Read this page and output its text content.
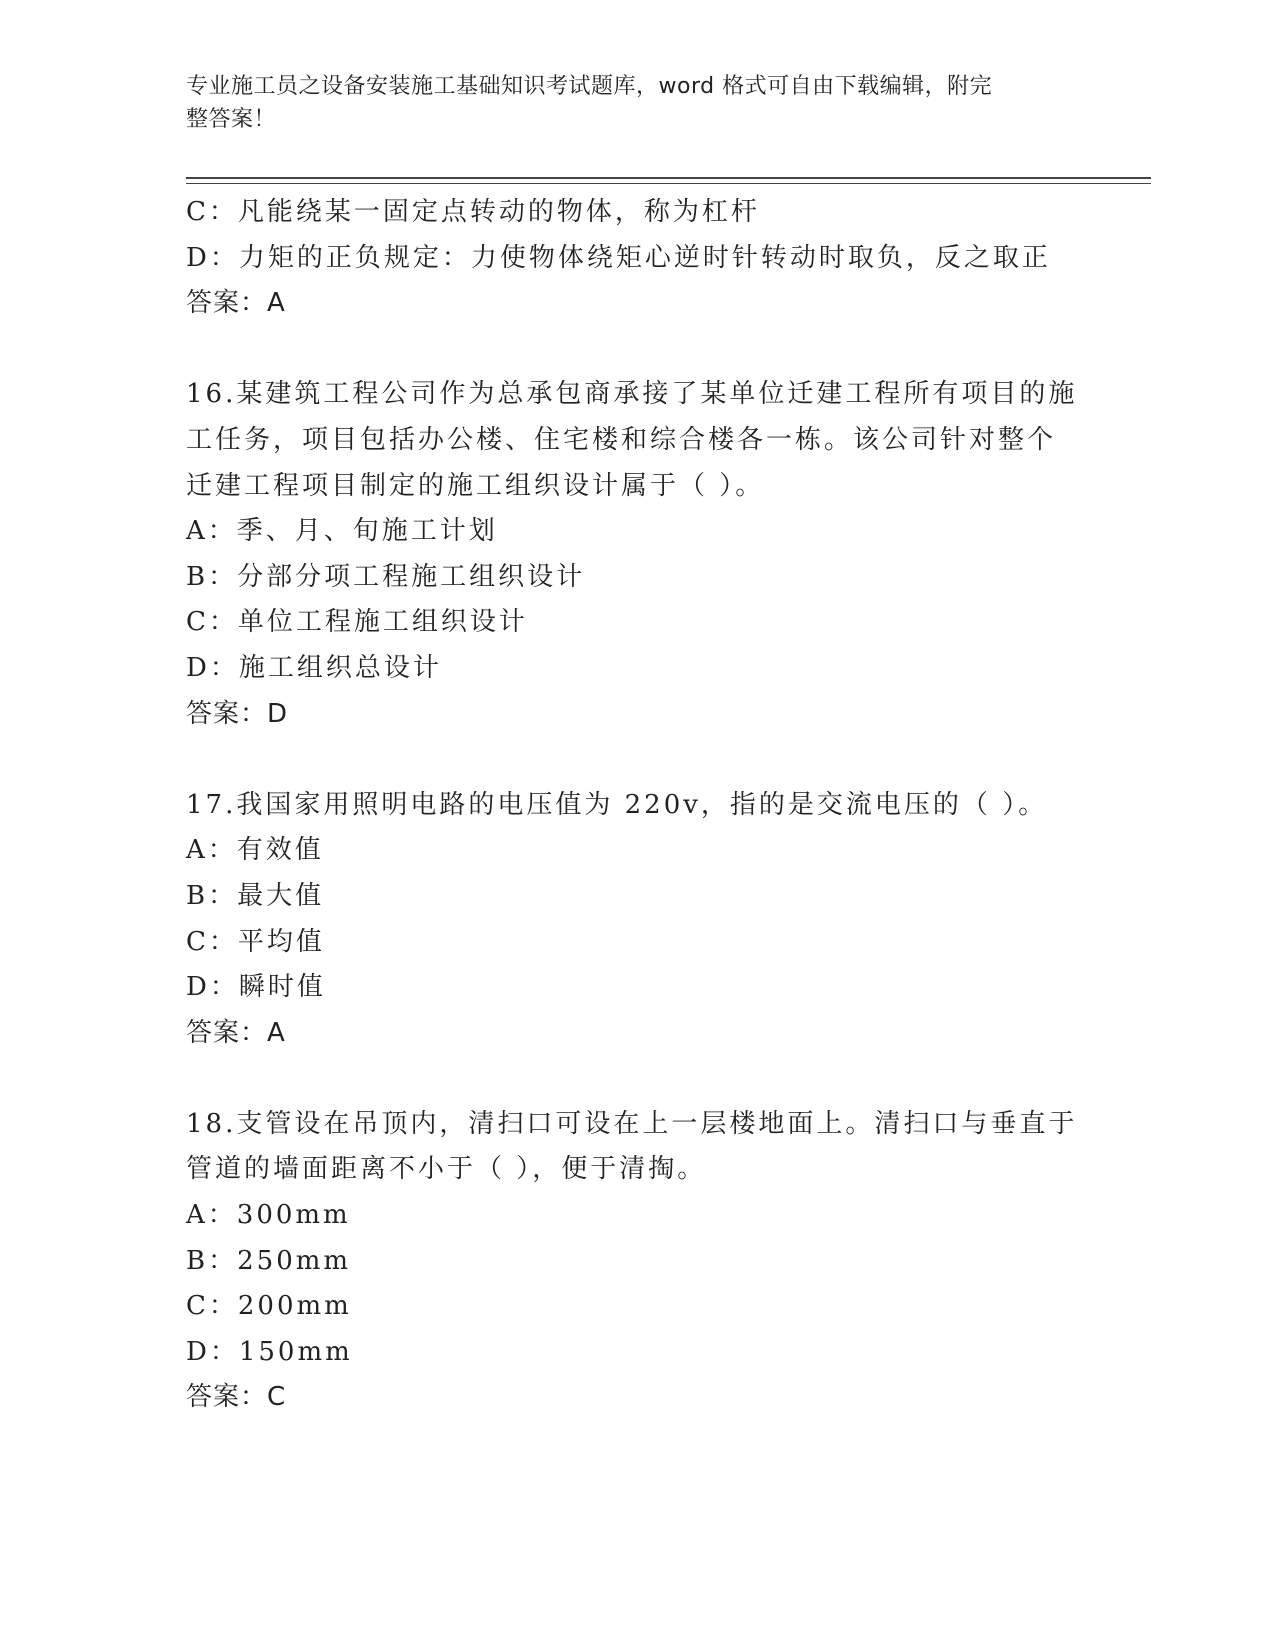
专业施工员之设备安装施工基础知识考试题库，word 格式可自由下载编辑，附完
整答案！
C：凡能绕某一固定点转动的物体，称为杠杆
D：力矩的正负规定：力使物体绕矩心逆时针转动时取负，反之取正
答案：A
16.某建筑工程公司作为总承包商承接了某单位迁建工程所有项目的施
工任务，项目包括办公楼、住宅楼和综合楼各一栋。该公司针对整个
迁建工程项目制定的施工组织设计属于（ ）。
A：季、月、旬施工计划
B：分部分项工程施工组织设计
C：单位工程施工组织设计
D：施工组织总设计
答案：D
17.我国家用照明电路的电压值为 220v，指的是交流电压的（ ）。
A：有效值
B：最大值
C：平均值
D：瞬时值
答案：A
18.支管设在吊顶内，清扫口可设在上一层楼地面上。清扫口与垂直于
管道的墙面距离不小于（ ），便于清掏。
A：300mm
B：250mm
C：200mm
D：150mm
答案：C
